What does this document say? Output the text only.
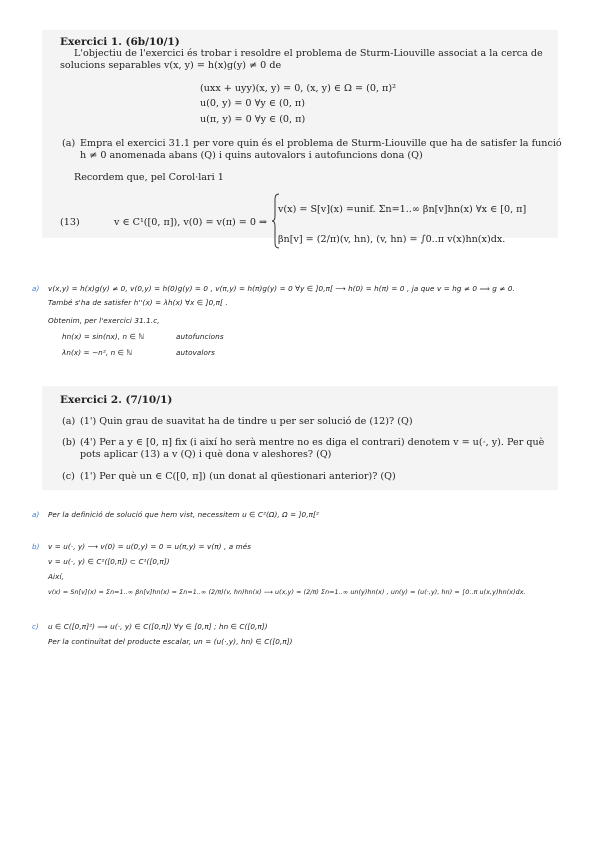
Exercici 1. (6b/10/1)
L'objectiu de l'exercici és trobar i resoldre el problema de Sturm-Liouville associat a la cerca de
solucions separables v(x, y) = h(x)g(y) ≠ 0 de
(uxx + uyy)(x, y) = 0, (x, y) ∈ Ω = (0, π)²
u(0, y) = 0 ∀y ∈ (0, π)
u(π, y) = 0 ∀y ∈ (0, π)
(a) Empra el exercici 31.1 per vore quin és el problema de Sturm-Liouville que ha de satisfer la funció
h ≠ 0 anomenada abans (Q) i quins autovalors i autofuncions dona (Q)
Recordem que, pel Corol·lari 1
(13)	v ∈ C¹([0, π]), v(0) = v(π) = 0 ⇒
v(x) = S[v](x) =unif. Σn=1..∞ βn[v]hn(x) ∀x ∈ [0, π]
βn[v] = (2/π)(v, hn), (v, hn) = ∫0..π v(x)hn(x)dx.
a) v(x,y) = h(x)g(y) ≠ 0, v(0,y) = h(0)g(y) = 0 , v(π,y) = h(π)g(y) = 0 ∀y ∈ ]0,π[ ⟶ h(0) = h(π) = 0 , ja que v = hg ≠ 0 ⟹ g ≠ 0.
També s'ha de satisfer h''(x) = λh(x) ∀x ∈ ]0,π[ .
Obtenim, per l'exercici 31.1.c,
hn(x) = sin(nx), n ∈ ℕ	autofuncions
λn(x) = −n², n ∈ ℕ	autovalors
Exercici 2. (7/10/1)
(a) (1') Quin grau de suavitat ha de tindre u per ser solució de (12)? (Q)
(b) (4') Per a y ∈ [0, π] fix (i així ho serà mentre no es diga el contrari) denotem v = u(·, y). Per què
pots aplicar (13) a v (Q) i què dona v aleshores? (Q)
(c) (1') Per què un ∈ C([0, π]) (un donat al qüestionari anterior)? (Q)
a) Per la definició de solució que hem vist, necessitem u ∈ C²(Ω), Ω = ]0,π[²
b) v = u(·, y) ⟶ v(0) = u(0,y) = 0 = u(π,y) = v(π) , a més
v = u(·, y) ∈ C²([0,π]) ⊂ C¹([0,π])
Així,
v(x) = Sn[v](x) = Σn=1..∞ βn[v]hn(x) = Σn=1..∞ (2/π)(v, hn)hn(x) ⟶ u(x,y) = (2/π) Σn=1..∞ un(y)hn(x) , un(y) = (u(·,y), hn) = ∫0..π u(x,y)hn(x)dx.
c) u ∈ C([0,π]²) ⟹ u(·, y) ∈ C([0,π]) ∀y ∈ [0,π] ; hn ∈ C([0,π])
Per la continuïtat del producte escalar, un = (u(·,y), hn) ∈ C([0,π])
